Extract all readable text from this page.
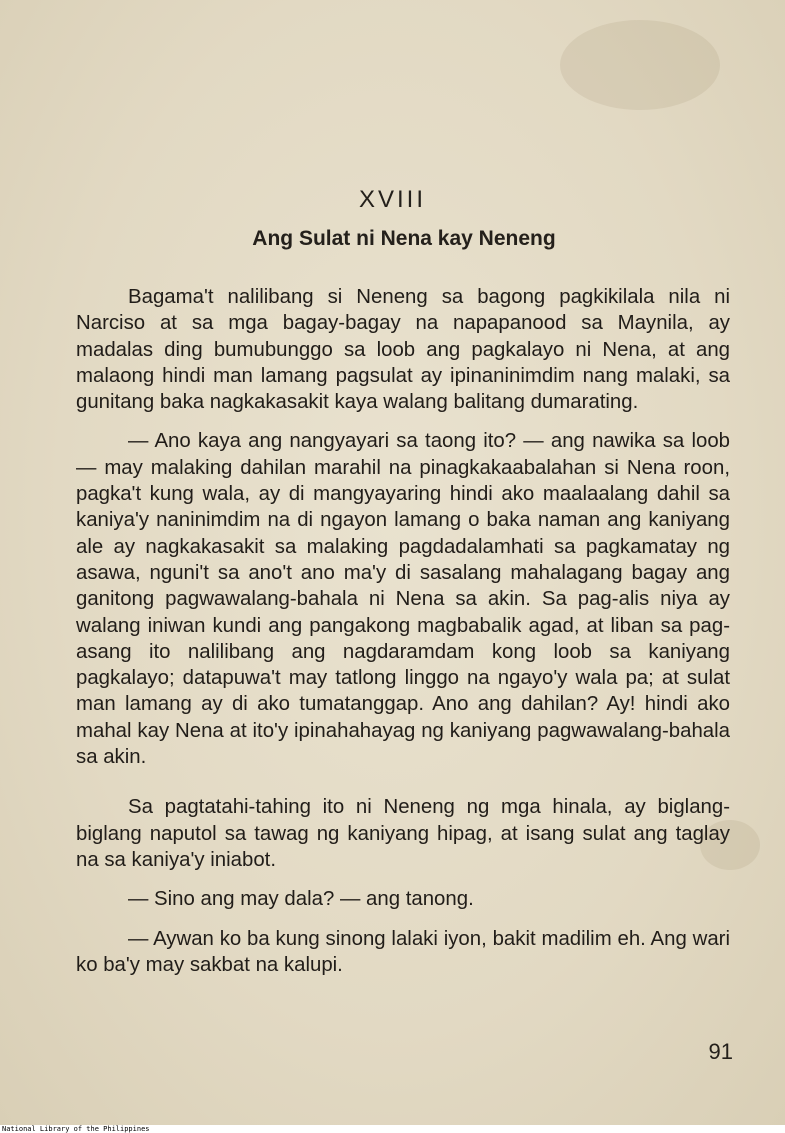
XVIII
Ang Sulat ni Nena kay Neneng

Bagama't nalilibang si Neneng sa bagong pagkikilala nila ni Narciso at sa mga bagay-bagay na napapanood sa Maynila, ay madalas ding bumubunggo sa loob ang pagkalayo ni Nena, at ang malaong hindi man lamang pagsulat ay ipinaninimdim nang malaki, sa gunitang baka nagkakasakit kaya walang balitang dumarating.

— Ano kaya ang nangyayari sa taong ito? — ang nawika sa loob — may malaking dahilan marahil na pinagkakaabalahan si Nena roon, pagka't kung wala, ay di mangyayaring hindi ako maalaalang dahil sa kaniya'y naninimdim na di ngayon lamang o baka naman ang kaniyang ale ay nagkakasakit sa malaking pagdadalamhati sa pagkamatay ng asawa, nguni't sa ano't ano ma'y di sasalang mahalagang bagay ang ganitong pagwawalang-bahala ni Nena sa akin. Sa pag-alis niya ay walang iniwan kundi ang pangakong magbabalik agad, at liban sa pag-asang ito nalilibang ang nagdaramdam kong loob sa kaniyang pagkalayo; datapuwa't may tatlong linggo na ngayo'y wala pa; at sulat man lamang ay di ako tumatanggap. Ano ang dahilan? Ay! hindi ako mahal kay Nena at ito'y ipinahahayag ng kaniyang pagwawalang-bahala sa akin.

Sa pagtatahi-tahing ito ni Neneng ng mga hinala, ay biglang-biglang naputol sa tawag ng kaniyang hipag, at isang sulat ang taglay na sa kaniya'y iniabot.

— Sino ang may dala? — ang tanong.

— Aywan ko ba kung sinong lalaki iyon, bakit madilim eh. Ang wari ko ba'y may sakbat na kalupi.

91
National Library of the Philippines
